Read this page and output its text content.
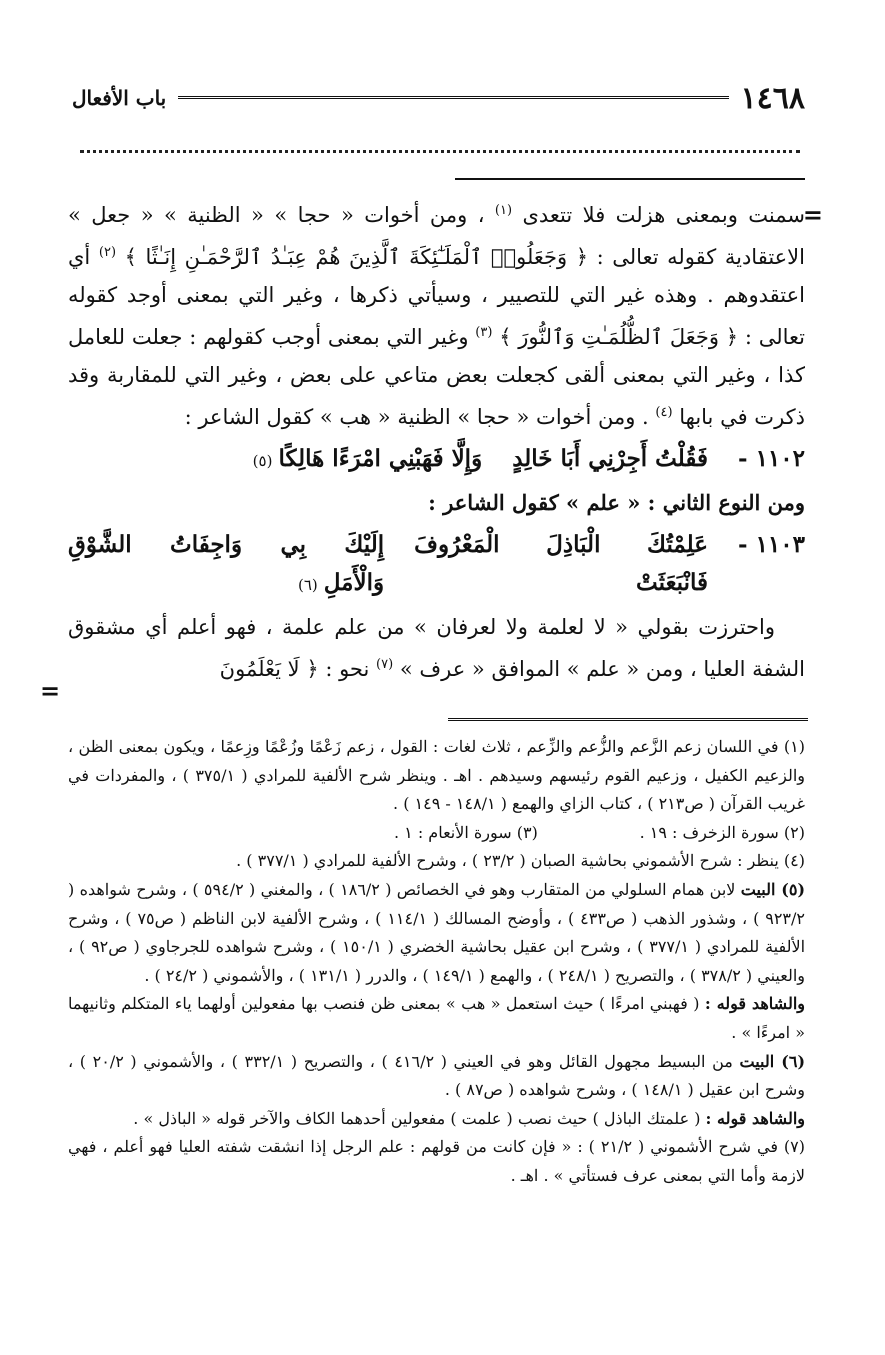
١٤٦٨
باب الأفعال
=

سمنت وبمعنى هزلت فلا تتعدى $^{(١)}$ ، ومن أخوات « حجا » « الظنية » « جعل » الاعتقادية كقوله تعالى : ﴿ وَجَعَلُوا۟ ٱلْمَلَـٰٓئِكَةَ ٱلَّذِينَ هُمْ عِبَـٰدُ ٱلرَّحْمَـٰنِ إِنَـٰثًا ﴾ $^{(٢)}$ أي اعتقدوهم . وهذه غير التي للتصيير ، وسيأتي ذكرها ، وغير التي بمعنى أوجد كقوله تعالى : ﴿ وَجَعَلَ ٱلظُّلُمَـٰتِ وَٱلنُّورَ ﴾ $^{(٣)}$ وغير التي بمعنى أوجب كقولهم : جعلت للعامل كذا ، وغير التي بمعنى ألقى كجعلت بعض متاعي على بعض ، وغير التي للمقاربة وقد ذكرت في بابها $^{(٤)}$ . ومن أخوات « حجا » الظنية « هب » كقول الشاعر :

١١٠٢ -
فَقُلْتُ أَجِرْنِي أَبَا خَالِدٍ
وَإِلَّا فَهَبْنِي امْرَءًا هَالِكًا(٥)

ومن النوع الثاني : « علم » كقول الشاعر :

١١٠٣ -
عَلِمْتُكَ الْبَاذِلَ الْمَعْرُوفَ فَانْبَعَثَتْ
إِلَيْكَ بِي وَاجِفَاتُ الشَّوْقِ وَالْأَمَلِ(٦)

واحترزت بقولي « لا لعلمة ولا لعرفان » من علم علمة ، فهو أعلم أي مشقوق الشفة العليا ، ومن « علم » الموافق « عرف » $^{(٧)}$ نحو : ﴿ لَا يَعْلَمُونَ

=

(١) في اللسان زعم الزَّعم والزُّعم والزِّعم ، ثلاث لغات : القول ، زعم زَعْمًا وزُعْمًا وزِعمًا ، ويكون بمعنى الظن ، والزعيم الكفيل ، وزعيم القوم رئيسهم وسيدهم . اهـ . وينظر شرح الألفية للمرادي ( ٣٧٥/١ ) ، والمفردات في غريب القرآن ( ص٢١٣ ) ، كتاب الزاي والهمع ( ١٤٨/١ - ١٤٩ ) .

(٢) سورة الزخرف : ١٩ .                    (٣) سورة الأنعام : ١ .

(٤) ينظر : شرح الأشموني بحاشية الصبان ( ٢٣/٢ ) ، وشرح الألفية للمرادي ( ٣٧٧/١ ) .

(٥) البيت لابن همام السلولي من المتقارب وهو في الخصائص ( ١٨٦/٢ ) ، والمغني ( ٥٩٤/٢ ) ، وشرح شواهده ( ٩٢٣/٢ ) ، وشذور الذهب ( ص٤٣٣ ) ، وأوضح المسالك ( ١١٤/١ ) ، وشرح الألفية لابن الناظم ( ص٧٥ ) ، وشرح الألفية للمرادي ( ٣٧٧/١ ) ، وشرح ابن عقيل بحاشية الخضري ( ١٥٠/١ ) ، وشرح شواهده للجرجاوي ( ص٩٢ ) ، والعيني ( ٣٧٨/٢ ) ، والتصريح ( ٢٤٨/١ ) ، والهمع ( ١٤٩/١ ) ، والدرر ( ١٣١/١ ) ، والأشموني ( ٢٤/٢ ) .

والشاهد قوله : ( فهبني امرءًا ) حيث استعمل « هب » بمعنى ظن فنصب بها مفعولين أولهما ياء المتكلم وثانيهما « امرءًا » .

(٦) البيت من البسيط مجهول القائل وهو في العيني ( ٤١٦/٢ ) ، والتصريح ( ٣٣٢/١ ) ، والأشموني ( ٢٠/٢ ) ، وشرح ابن عقيل ( ١٤٨/١ ) ، وشرح شواهده ( ص٨٧ ) .

والشاهد قوله : ( علمتك الباذل ) حيث نصب ( علمت ) مفعولين أحدهما الكاف والآخر قوله « الباذل » .

(٧) في شرح الأشموني ( ٢١/٢ ) : « فإن كانت من قولهم : علم الرجل إذا انشقت شفته العليا فهو أعلم ، فهي لازمة وأما التي بمعنى عرف فستأتي » . اهـ .
